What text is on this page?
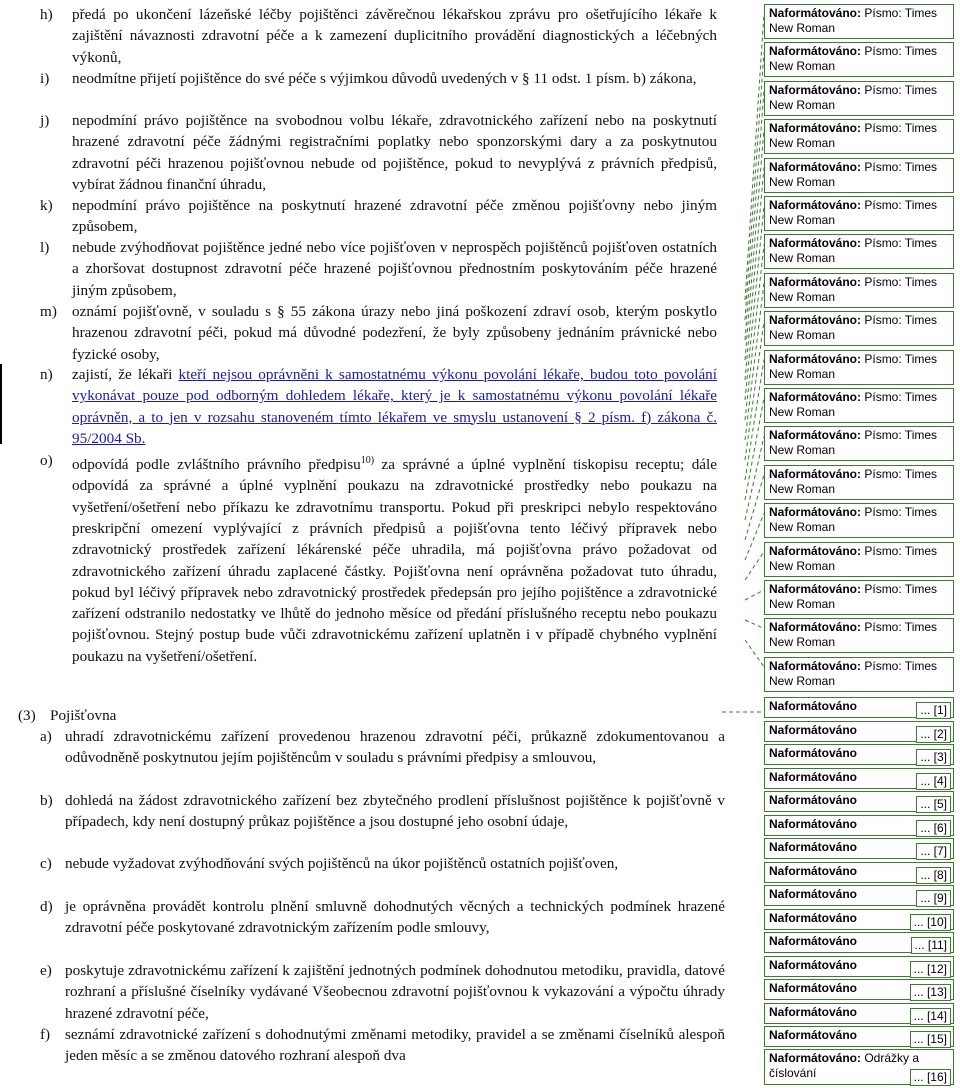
h) předá po ukončení lázeňské léčby pojištěnci závěrečnou lékařskou zprávu pro ošetřujícího lékaře k zajištění návaznosti zdravotní péče a k zamezení duplicitního provádění diagnostických a léčebných výkonů,
i) neodmítne přijetí pojištěnce do své péče s výjimkou důvodů uvedených v § 11 odst. 1 písm. b) zákona,
j) nepodmíní právo pojištěnce na svobodnou volbu lékaře, zdravotnického zařízení nebo na poskytnutí hrazené zdravotní péče žádnými registračními poplatky nebo sponzorskými dary a za poskytnutou zdravotní péči hrazenou pojišťovnou nebude od pojištěnce, pokud to nevyplývá z právních předpisů, vybírat žádnou finanční úhradu,
k) nepodmíní právo pojištěnce na poskytnutí hrazené zdravotní péče změnou pojišťovny nebo jiným způsobem,
l) nebude zvýhodňovat pojištěnce jedné nebo více pojišťoven v neprospěch pojištěnců pojišťoven ostatních a zhoršovat dostupnost zdravotní péče hrazené pojišťovnou přednostním poskytováním péče hrazené jiným způsobem,
m) oznámí pojišťovně, v souladu s § 55 zákona úrazy nebo jiná poškození zdraví osob, kterým poskytlo hrazenou zdravotní péči, pokud má důvodné podezření, že byly způsobeny jednáním právnické nebo fyzické osoby,
n) zajistí, že lékaři kteří nejsou oprávněni k samostatnému výkonu povolání lékaře, budou toto povolání vykonávat pouze pod odborným dohledem lékaře, který je k samostatnému výkonu povolání lékaře oprávněn, a to jen v rozsahu stanoveném tímto lékařem ve smyslu ustanovení § 2 písm. f) zákona č. 95/2004 Sb.
o) odpovídá podle zvláštního právního předpisu$^{10)}$ za správné a úplné vyplnění tiskopisu receptu; dále odpovídá za správné a úplné vyplnění poukazu na zdravotnické prostředky nebo poukazu na vyšetření/ošetření nebo příkazu ke zdravotnímu transportu. Pokud při preskripci nebylo respektováno preskripční omezení vyplývající z právních předpisů a pojišťovna tento léčivý přípravek nebo zdravotnický prostředek zařízení lékárenské péče uhradila, má pojišťovna právo požadovat od zdravotnického zařízení úhradu zaplacené částky. Pojišťovna není oprávněna požadovat tuto úhradu, pokud byl léčivý přípravek nebo zdravotnický prostředek předepsán pro jejího pojištěnce a zdravotnické zařízení odstranilo nedostatky ve lhůtě do jednoho měsíce od předání příslušného receptu nebo poukazu pojišťovnou. Stejný postup bude vůči zdravotnickému zařízení uplatněn i v případě chybného vyplnění poukazu na vyšetření/ošetření.
(3) Pojišťovna
a) uhradí zdravotnickému zařízení provedenou hrazenou zdravotní péči, průkazně zdokumentovanou a odůvodněně poskytnutou jejím pojištěncům v souladu s právními předpisy a smlouvou,
b) dohledá na žádost zdravotnického zařízení bez zbytečného prodlení příslušnost pojištěnce k pojišťovně v případech, kdy není dostupný průkaz pojištěnce a jsou dostupné jeho osobní údaje,
c) nebude vyžadovat zvýhodňování svých pojištěnců na úkor pojištěnců ostatních pojišťoven,
d) je oprávněna provádět kontrolu plnění smluvně dohodnutých věcných a technických podmínek hrazené zdravotní péče poskytované zdravotnickým zařízením podle smlouvy,
e) poskytuje zdravotnickému zařízení k zajištění jednotných podmínek dohodnutou metodiku, pravidla, datové rozhraní a příslušné číselníky vydávané Všeobecnou zdravotní pojišťovnou k vykazování a výpočtu úhrady hrazené zdravotní péče,
f) seznámí zdravotnické zařízení s dohodnutými změnami metodiky, pravidel a se změnami číselníků alespoň jeden měsíc a se změnou datového rozhraní alespoň dva
Naformátováno: Písmo: Times New Roman
Naformátováno: Písmo: Times New Roman
Naformátováno: Písmo: Times New Roman
Naformátováno: Písmo: Times New Roman
Naformátováno: Písmo: Times New Roman
Naformátováno: Písmo: Times New Roman
Naformátováno: Písmo: Times New Roman
Naformátováno: Písmo: Times New Roman
Naformátováno: Písmo: Times New Roman
Naformátováno: Písmo: Times New Roman
Naformátováno: Písmo: Times New Roman
Naformátováno: Písmo: Times New Roman
Naformátováno: Písmo: Times New Roman
Naformátováno: Písmo: Times New Roman
Naformátováno: Písmo: Times New Roman
Naformátováno: Písmo: Times New Roman
Naformátováno: Písmo: Times New Roman
Naformátováno: Písmo: Times New Roman
Naformátováno	... [1]
Naformátováno	... [2]
Naformátováno	... [3]
Naformátováno	... [4]
Naformátováno	... [5]
Naformátováno	... [6]
Naformátováno	... [7]
Naformátováno	... [8]
Naformátováno	... [9]
Naformátováno	... [10]
Naformátováno	... [11]
Naformátováno	... [12]
Naformátováno	... [13]
Naformátováno	... [14]
Naformátováno	... [15]
Naformátováno: Odrážky a číslování	... [16]
